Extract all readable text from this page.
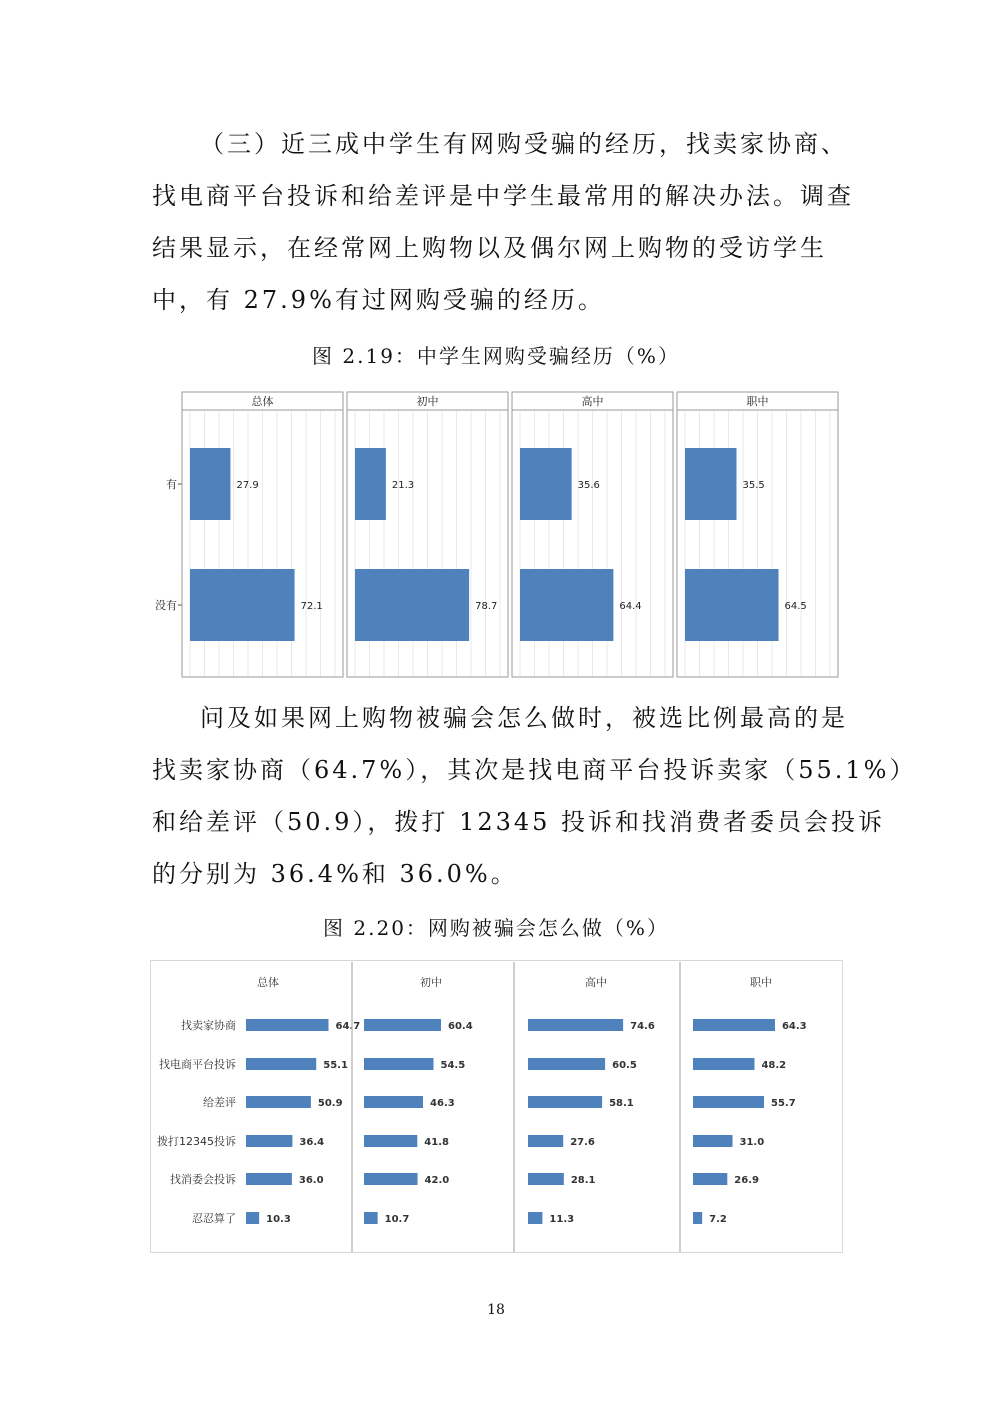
（三）近三成中学生有网购受骗的经历，找卖家协商、
找电商平台投诉和给差评是中学生最常用的解决办法。调查
结果显示，在经常网上购物以及偶尔网上购物的受访学生
中，有 27.9%有过网购受骗的经历。
图 2.19：中学生网购受骗经历（%）
有
没有
总体
27.9
72.1
初中
21.3
78.7
高中
35.6
64.4
职中
35.5
64.5
问及如果网上购物被骗会怎么做时，被选比例最高的是
找卖家协商（64.7%），其次是找电商平台投诉卖家（55.1%）
和给差评（50.9），拨打 12345 投诉和找消费者委员会投诉
的分别为 36.4%和 36.0%。
图 2.20：网购被骗会怎么做（%）
找卖家协商
找电商平台投诉
给差评
拨打12345投诉
找消委会投诉
忍忍算了
总体
64.7
55.1
50.9
36.4
36.0
10.3
初中
60.4
54.5
46.3
41.8
42.0
10.7
高中
74.6
60.5
58.1
27.6
28.1
11.3
职中
64.3
48.2
55.7
31.0
26.9
7.2
18
